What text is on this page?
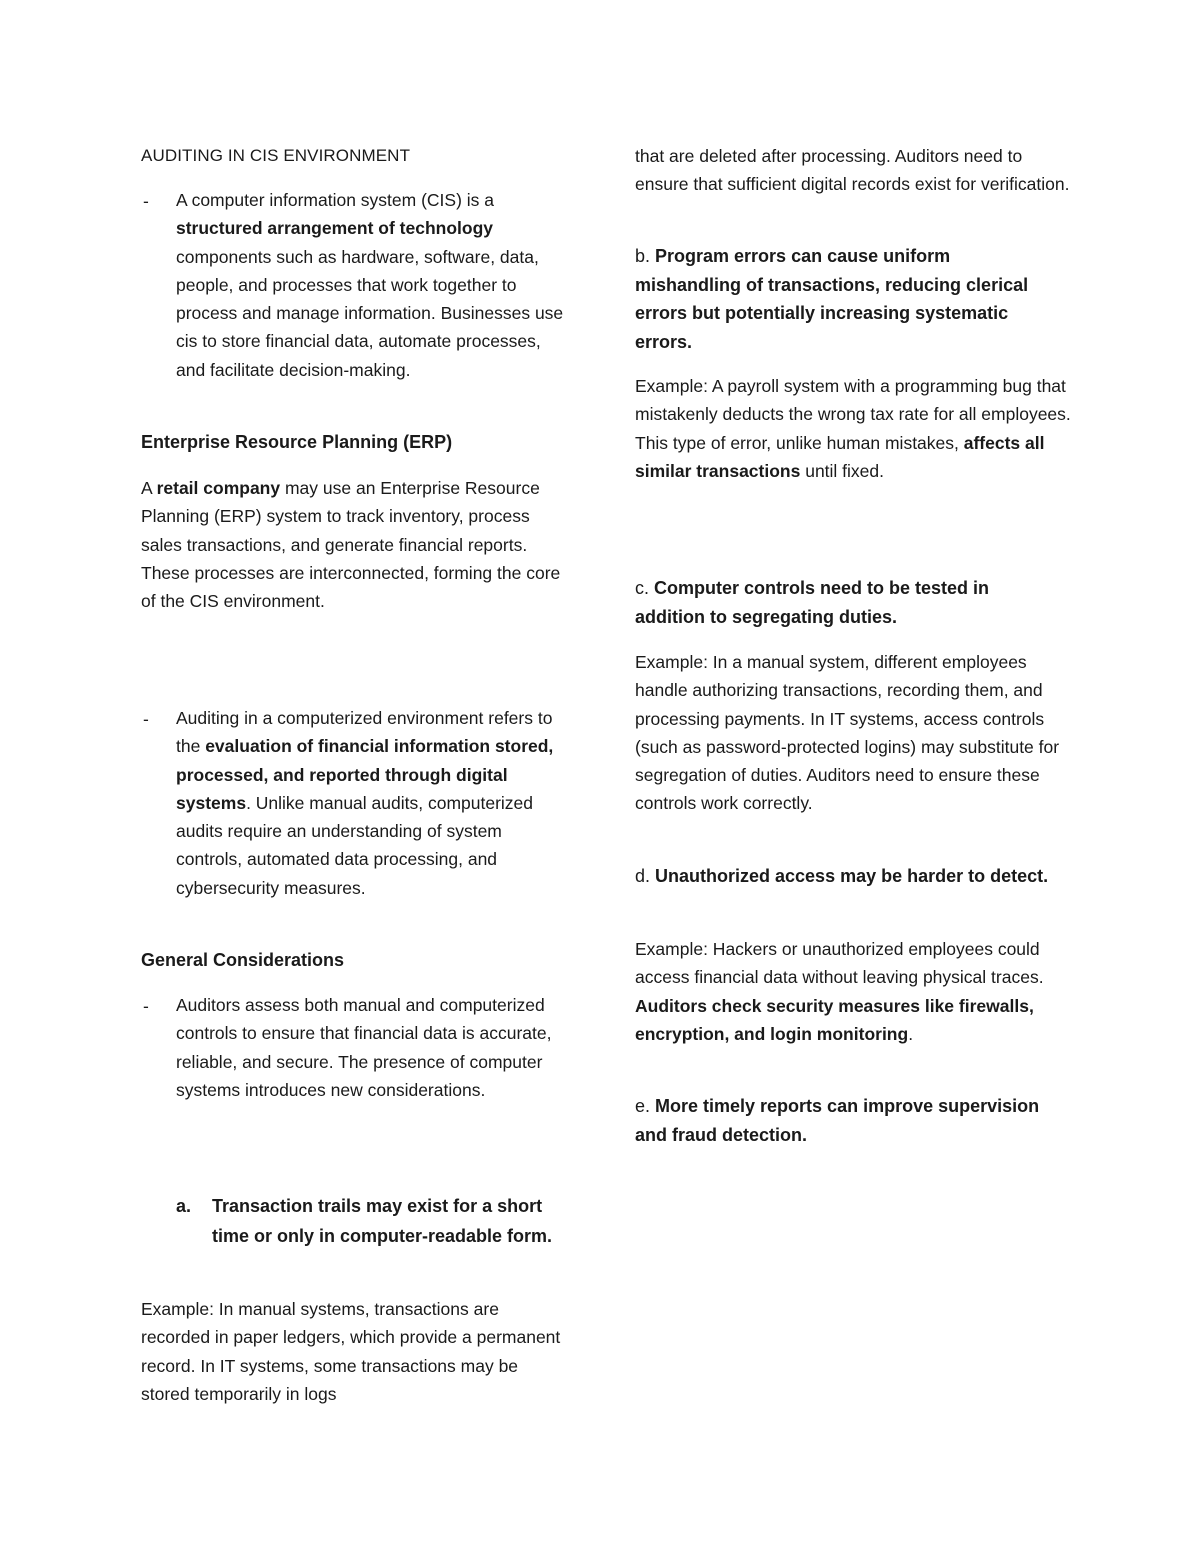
AUDITING IN CIS ENVIRONMENT
- A computer information system (CIS) is a structured arrangement of technology components such as hardware, software, data, people, and processes that work together to process and manage information. Businesses use cis to store financial data, automate processes, and facilitate decision-making.

Enterprise Resource Planning (ERP)

A retail company may use an Enterprise Resource Planning (ERP) system to track inventory, process sales transactions, and generate financial reports. These processes are interconnected, forming the core of the CIS environment.

- Auditing in a computerized environment refers to the evaluation of financial information stored, processed, and reported through digital systems. Unlike manual audits, computerized audits require an understanding of system controls, automated data processing, and cybersecurity measures.

General Considerations

- Auditors assess both manual and computerized controls to ensure that financial data is accurate, reliable, and secure. The presence of computer systems introduces new considerations.

a. Transaction trails may exist for a short time or only in computer-readable form.

Example: In manual systems, transactions are recorded in paper ledgers, which provide a permanent record. In IT systems, some transactions may be stored temporarily in logs

that are deleted after processing. Auditors need to ensure that sufficient digital records exist for verification.

b. Program errors can cause uniform mishandling of transactions, reducing clerical errors but potentially increasing systematic errors.

Example: A payroll system with a programming bug that mistakenly deducts the wrong tax rate for all employees. This type of error, unlike human mistakes, affects all similar transactions until fixed.

c. Computer controls need to be tested in addition to segregating duties.

Example: In a manual system, different employees handle authorizing transactions, recording them, and processing payments. In IT systems, access controls (such as password-protected logins) may substitute for segregation of duties. Auditors need to ensure these controls work correctly.

d. Unauthorized access may be harder to detect.

Example: Hackers or unauthorized employees could access financial data without leaving physical traces. Auditors check security measures like firewalls, encryption, and login monitoring.

e. More timely reports can improve supervision and fraud detection.
